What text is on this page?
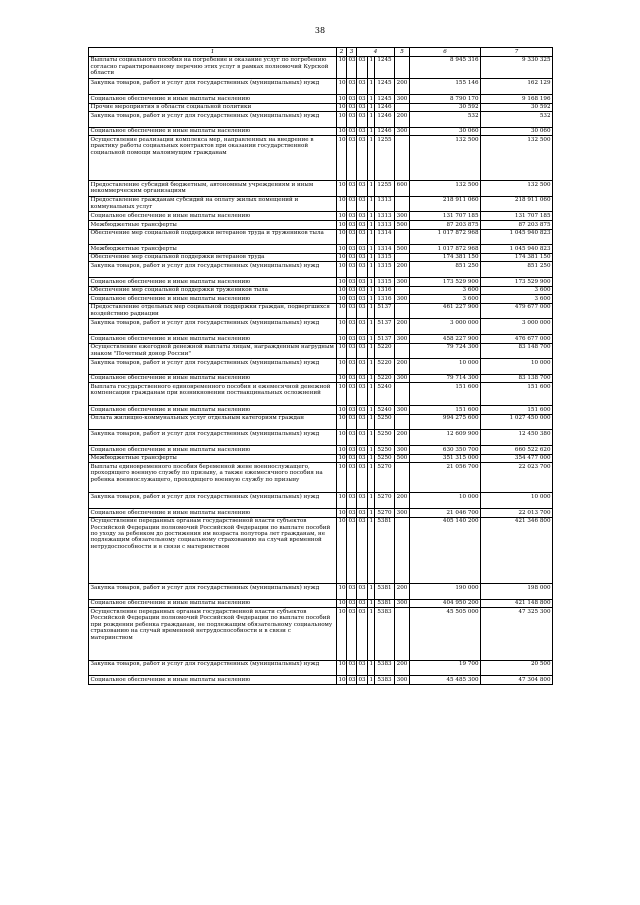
38
1	2	3	4			5	6	7
Выплаты социального пособия на погребение и оказание услуг по погребению согласно гарантированному перечню этих услуг в рамках полномочий Курской области	10	03	03	1	1245		8 945 316	9 330 325
Закупка товаров, работ и услуг для государственных (муниципальных) нужд	10	03	03	1	1245	200	155 146	162 129
Социальное обеспечение и иные выплаты населению	10	03	03	1	1245	300	8 790 170	9 168 196
Прочие мероприятия в области социальной политики	10	03	03	1	1246		30 592	30 592
Закупка товаров, работ и услуг для государственных (муниципальных) нужд	10	03	03	1	1246	200	532	532
Социальное обеспечение и иные выплаты населению	10	03	03	1	1246	300	30 060	30 060
Осуществление реализации комплекса мер, направленных на внедрение в практику работы социальных контрактов при оказании государственной социальной помощи малоимущим гражданам	10	03	03	1	1255		132 500	132 500
Предоставление субсидий бюджетным, автономным учреждениям и иным некоммерческим организациям	10	03	03	1	1255	600	132 500	132 500
Предоставление гражданам субсидий на оплату жилых помещений и коммунальных услуг	10	03	03	1	1313		218 911 060	218 911 060
Социальное обеспечение и иные выплаты населению	10	03	03	1	1313	300	131 707 185	131 707 185
Межбюджетные трансферты	10	03	03	1	1313	500	87 203 875	87 203 875
Обеспечение мер социальной поддержки ветеранов труда и тружеников тыла	10	03	03	1	1314		1 017 872 968	1 045 940 823
Межбюджетные трансферты	10	03	03	1	1314	500	1 017 872 968	1 045 940 823
Обеспечение мер социальной поддержки ветеранов труда	10	03	03	1	1315		174 381 150	174 381 150
Закупка товаров, работ и услуг для государственных (муниципальных) нужд	10	03	03	1	1315	200	851 250	851 250
Социальное обеспечение и иные выплаты населению	10	03	03	1	1315	300	173 529 900	173 529 900
Обеспечение мер социальной поддержки тружеников тыла	10	03	03	1	1316		3 600	3 600
Социальное обеспечение и иные выплаты населению	10	03	03	1	1316	300	3 600	3 600
Предоставление отдельных мер социальной поддержки граждан, подвергшихся воздействию радиации	10	03	03	1	5137		461 227 900	479 677 000
Закупка товаров, работ и услуг для государственных (муниципальных) нужд	10	03	03	1	5137	200	3 000 000	3 000 000
Социальное обеспечение и иные выплаты населению	10	03	03	1	5137	300	458 227 900	476 677 000
Осуществление ежегодной денежной выплаты лицам, награжденным нагрудным знаком "Почетный донор России"	10	03	03	1	5220		79 724 300	83 148 700
Закупка товаров, работ и услуг для государственных (муниципальных) нужд	10	03	03	1	5220	200	10 000	10 000
Социальное обеспечение и иные выплаты населению	10	03	03	1	5220	300	79 714 300	83 138 700
Выплата государственного единовременного пособия и ежемесячной денежной компенсации гражданам при возникновении поствакцинальных осложнений	10	03	03	1	5240		151 600	151 600
Социальное обеспечение и иные выплаты населению	10	03	03	1	5240	300	151 600	151 600
Оплата жилищно-коммунальных услуг отдельным категориям граждан	10	03	03	1	5250		994 275 600	1 027 450 000
Закупка товаров, работ и услуг для государственных (муниципальных) нужд	10	03	03	1	5250	200	12 609 900	12 450 380
Социальное обеспечение и иные выплаты населению	10	03	03	1	5250	300	630 350 700	660 522 620
Межбюджетные трансферты	10	03	03	1	5250	500	351 315 000	354 477 000
Выплаты единовременного пособия беременной жене военнослужащего, проходящего военную службу по призыву, а также ежемесячного пособия на ребенка военнослужащего, проходящего военную службу по призыву	10	03	03	1	5270		21 056 700	22 023 700
Закупка товаров, работ и услуг для государственных (муниципальных) нужд	10	03	03	1	5270	200	10 000	10 000
Социальное обеспечение и иные выплаты населению	10	03	03	1	5270	300	21 046 700	22 013 700
Осуществление переданных органам государственной власти субъектов Российской Федерации полномочий Российской Федерации по выплате пособий по уходу за ребенком до достижения им возраста полутора лет гражданам, не подлежащим обязательному социальному страхованию на случай временной нетрудоспособности и в связи с материнством	10	03	03	1	5381		405 140 200	421 346 800
Закупка товаров, работ и услуг для государственных (муниципальных) нужд	10	03	03	1	5381	200	190 000	198 000
Социальное обеспечение и иные выплаты населению	10	03	03	1	5381	300	404 950 200	421 148 800
Осуществление переданных органам государственной власти субъектов Российской Федерации полномочий Российской Федерации по выплате пособий при рождении ребенка гражданам, не подлежащим обязательному социальному страхованию на случай временной нетрудоспособности и в связи с материнством	10	03	03	1	5383		45 505 000	47 325 300
Закупка товаров, работ и услуг для государственных (муниципальных) нужд	10	03	03	1	5383	200	19 700	20 500
Социальное обеспечение и иные выплаты населению	10	03	03	1	5383	300	45 485 300	47 304 800
